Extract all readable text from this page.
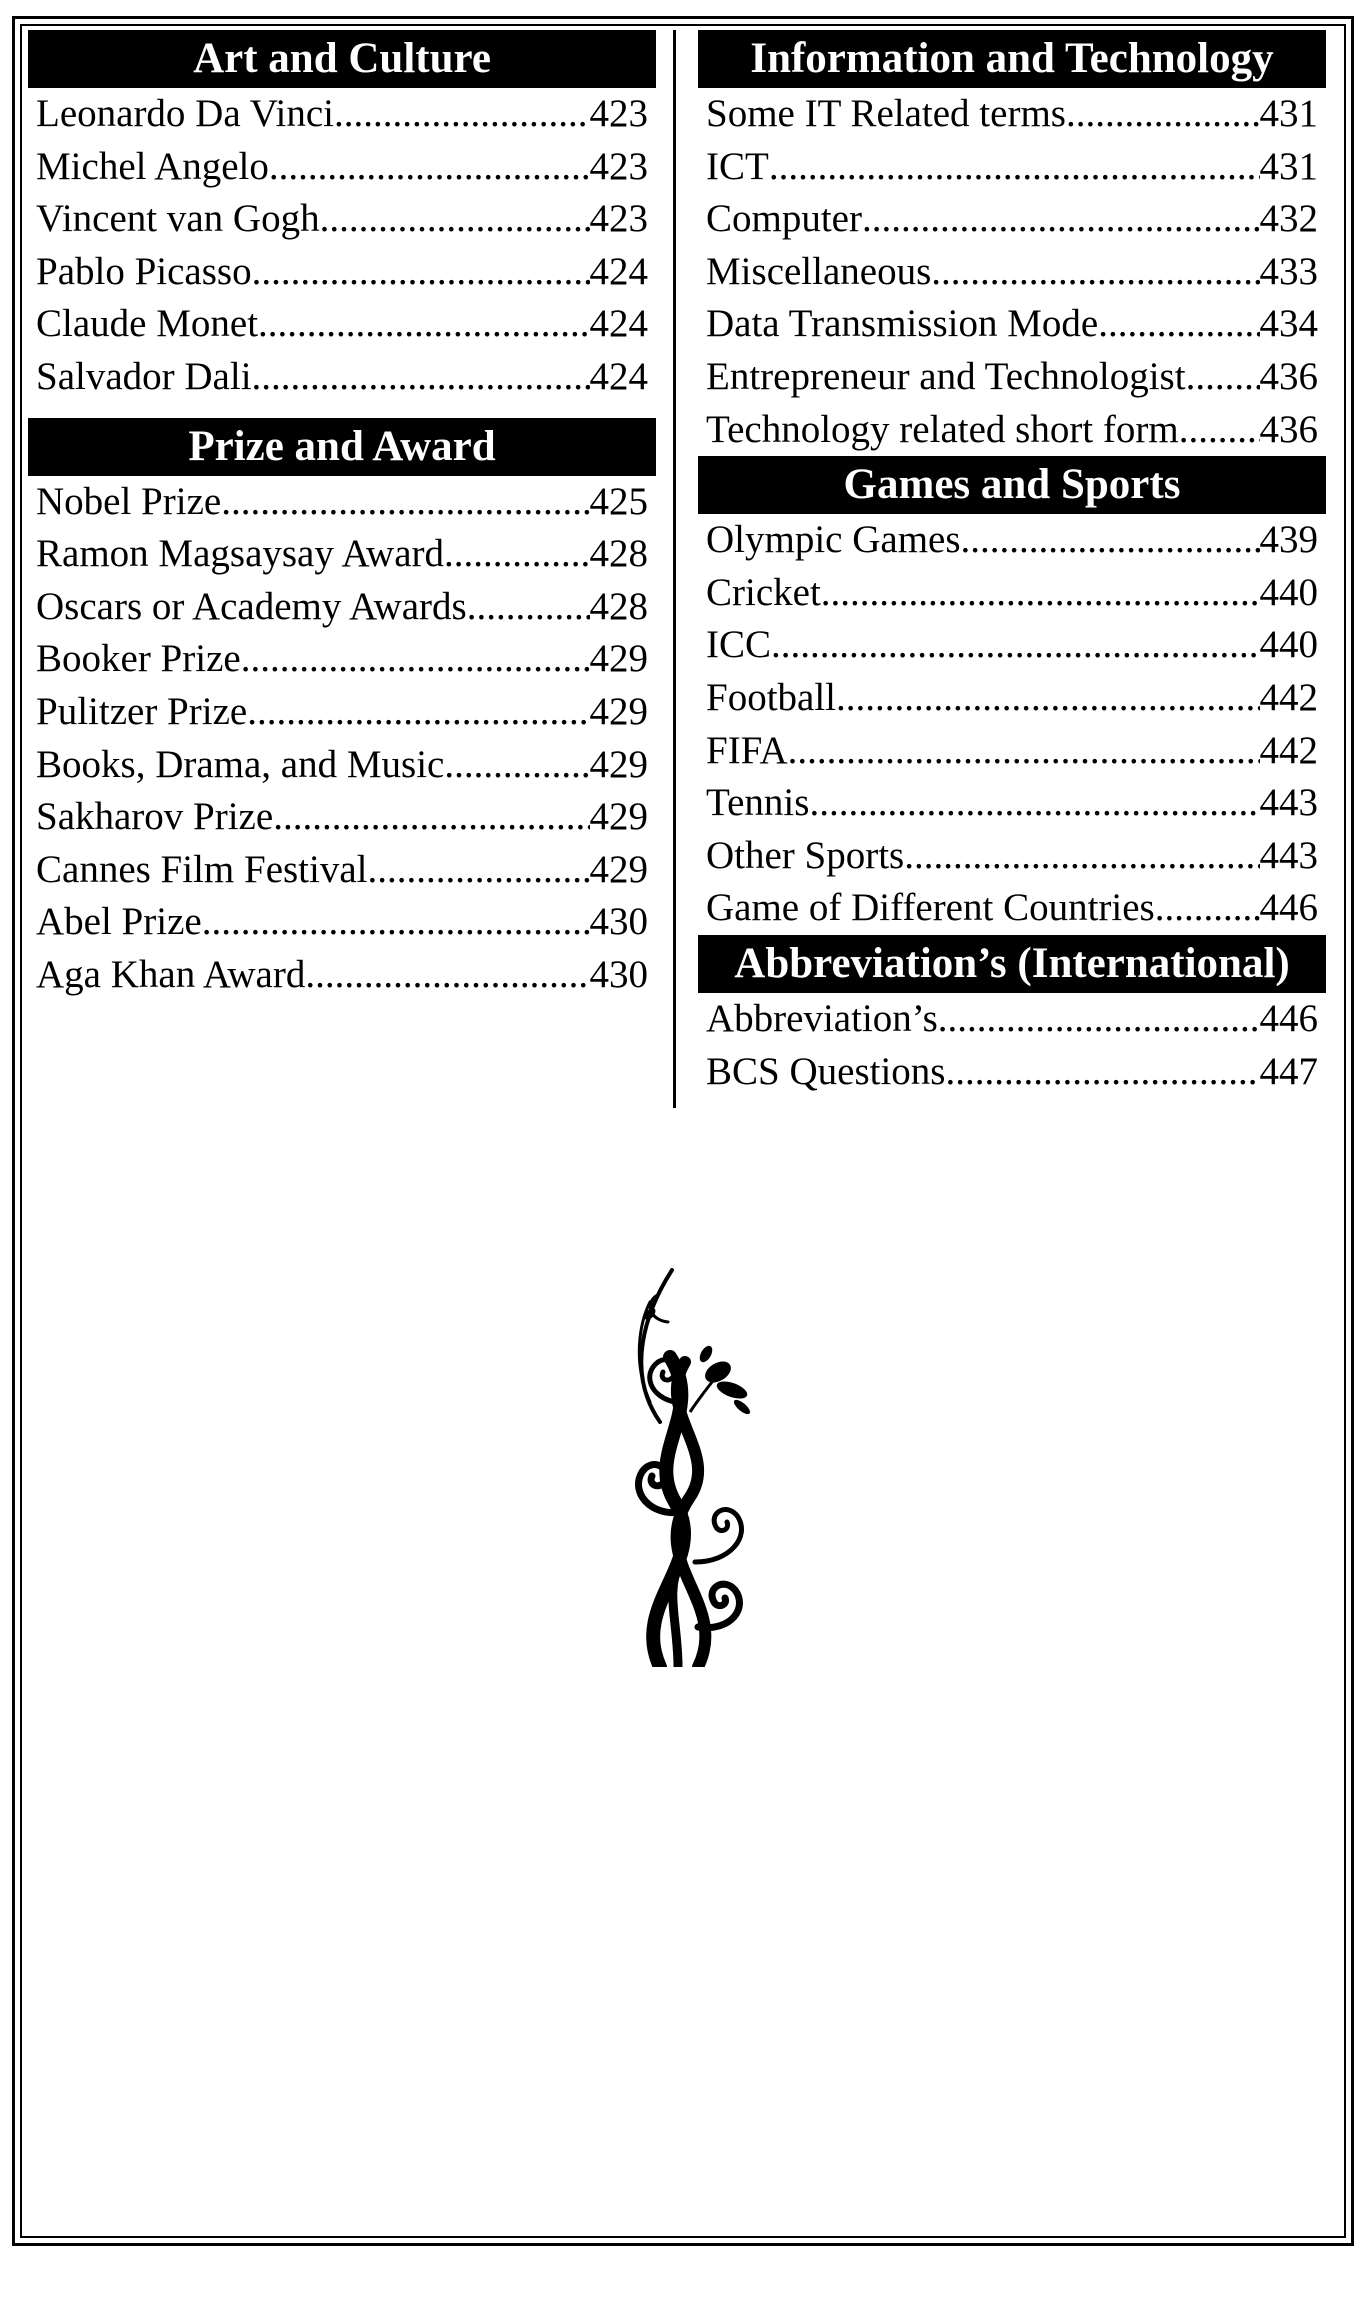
Art and Culture
Leonardo Da Vinci .....	423
Michel Angelo .....	423
Vincent van Gogh .....	423
Pablo Picasso .....	424
Claude Monet .....	424
Salvador Dali .....	424
Prize and Award
Nobel Prize .....	425
Ramon Magsaysay Award .....	428
Oscars or Academy Awards .....	428
Booker Prize .....	429
Pulitzer Prize .....	429
Books, Drama, and Music .....	429
Sakharov Prize .....	429
Cannes Film Festival .....	429
Abel Prize .....	430
Aga Khan Award .....	430
Information and Technology
Some IT Related terms .....	431
ICT .....	431
Computer .....	432
Miscellaneous .....	433
Data Transmission Mode .....	434
Entrepreneur and Technologist ..... 436
Technology related short form ..... 436
Games and Sports
Olympic Games .....	439
Cricket .....	440
ICC .....	440
Football .....	442
FIFA .....	442
Tennis .....	443
Other Sports .....	443
Game of Different Countries .....	446
Abbreviation’s (International)
Abbreviation’s .....	446
BCS Questions .....	447
